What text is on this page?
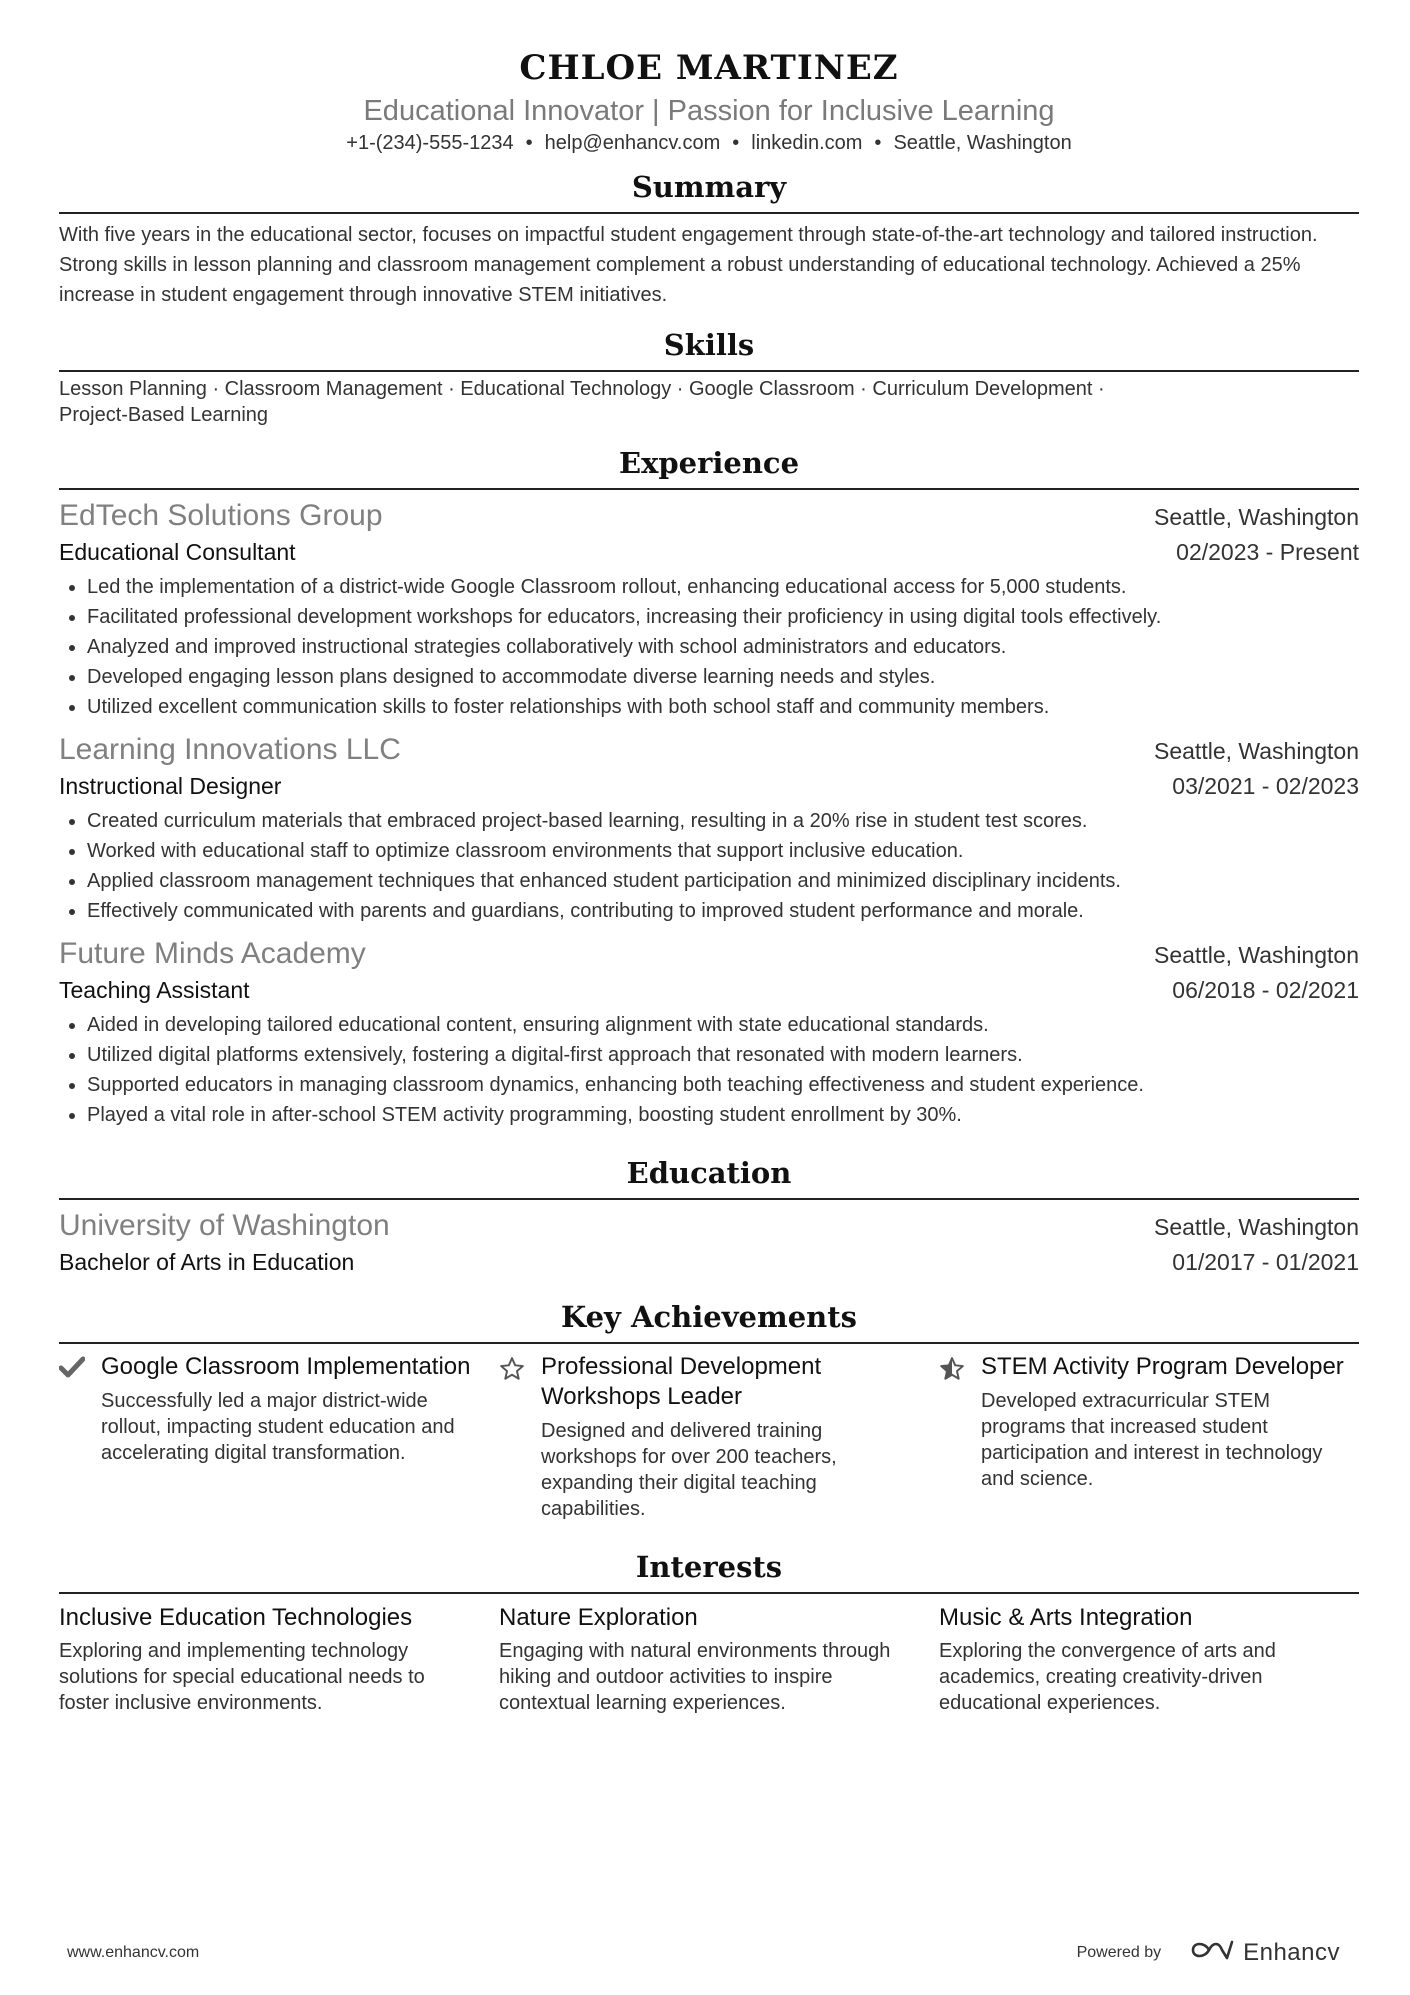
CHLOE MARTINEZ
Educational Innovator | Passion for Inclusive Learning
+1-(234)-555-1234 • help@enhancv.com • linkedin.com • Seattle, Washington
Summary
With five years in the educational sector, focuses on impactful student engagement through state-of-the-art technology and tailored instruction. Strong skills in lesson planning and classroom management complement a robust understanding of educational technology. Achieved a 25% increase in student engagement through innovative STEM initiatives.
Skills
Lesson Planning · Classroom Management · Educational Technology · Google Classroom · Curriculum Development ·
Project-Based Learning
Experience
EdTech Solutions Group	Seattle, Washington
Educational Consultant	02/2023 - Present
• Led the implementation of a district-wide Google Classroom rollout, enhancing educational access for 5,000 students.
• Facilitated professional development workshops for educators, increasing their proficiency in using digital tools effectively.
• Analyzed and improved instructional strategies collaboratively with school administrators and educators.
• Developed engaging lesson plans designed to accommodate diverse learning needs and styles.
• Utilized excellent communication skills to foster relationships with both school staff and community members.
Learning Innovations LLC	Seattle, Washington
Instructional Designer	03/2021 - 02/2023
• Created curriculum materials that embraced project-based learning, resulting in a 20% rise in student test scores.
• Worked with educational staff to optimize classroom environments that support inclusive education.
• Applied classroom management techniques that enhanced student participation and minimized disciplinary incidents.
• Effectively communicated with parents and guardians, contributing to improved student performance and morale.
Future Minds Academy	Seattle, Washington
Teaching Assistant	06/2018 - 02/2021
• Aided in developing tailored educational content, ensuring alignment with state educational standards.
• Utilized digital platforms extensively, fostering a digital-first approach that resonated with modern learners.
• Supported educators in managing classroom dynamics, enhancing both teaching effectiveness and student experience.
• Played a vital role in after-school STEM activity programming, boosting student enrollment by 30%.
Education
University of Washington	Seattle, Washington
Bachelor of Arts in Education	01/2017 - 01/2021
Key Achievements
Google Classroom Implementation
Successfully led a major district-wide rollout, impacting student education and accelerating digital transformation.
Professional Development Workshops Leader
Designed and delivered training workshops for over 200 teachers, expanding their digital teaching capabilities.
STEM Activity Program Developer
Developed extracurricular STEM programs that increased student participation and interest in technology and science.
Interests
Inclusive Education Technologies
Exploring and implementing technology solutions for special educational needs to foster inclusive environments.
Nature Exploration
Engaging with natural environments through hiking and outdoor activities to inspire contextual learning experiences.
Music & Arts Integration
Exploring the convergence of arts and academics, creating creativity-driven educational experiences.
www.enhancv.com	Powered by	Enhancv
